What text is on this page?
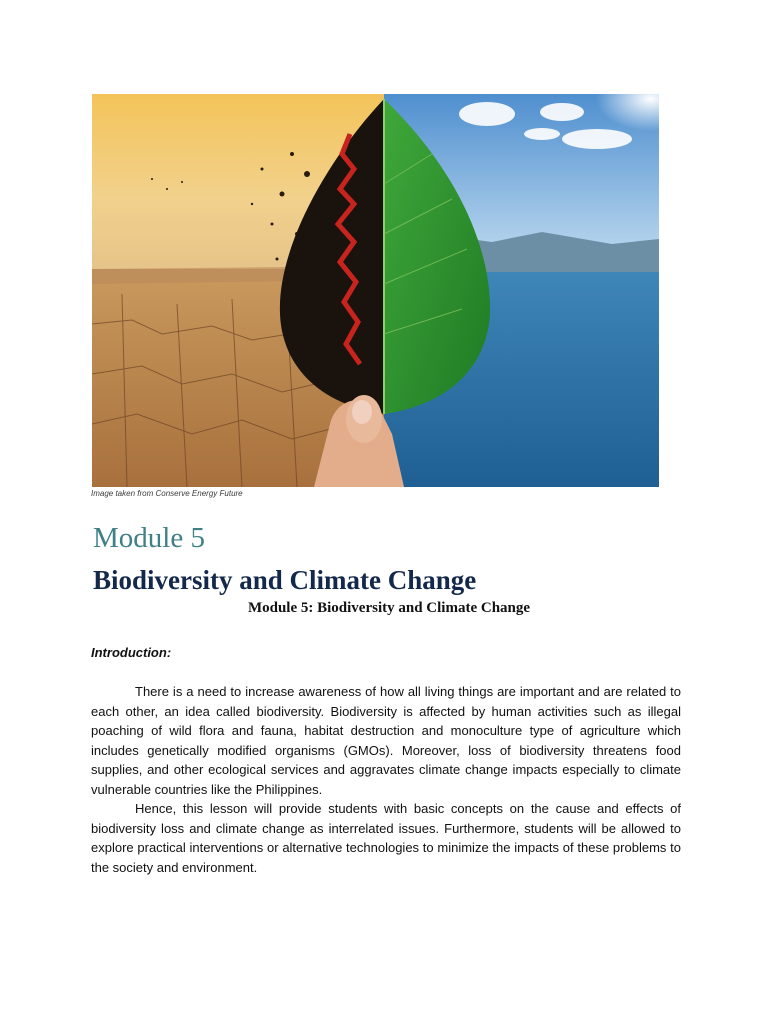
Image taken from Conserve Energy Future
Module 5
Biodiversity and Climate Change
Module 5: Biodiversity and Climate Change
Introduction:

There is a need to increase awareness of how all living things are important and are related to each other, an idea called biodiversity. Biodiversity is affected by human activities such as illegal poaching of wild flora and fauna, habitat destruction and monoculture type of agriculture which includes genetically modified organisms (GMOs). Moreover, loss of biodiversity threatens food supplies, and other ecological services and aggravates climate change impacts especially to climate vulnerable countries like the Philippines.

Hence, this lesson will provide students with basic concepts on the cause and effects of biodiversity loss and climate change as interrelated issues. Furthermore, students will be allowed to explore practical interventions or alternative technologies to minimize the impacts of these problems to the society and environment.
